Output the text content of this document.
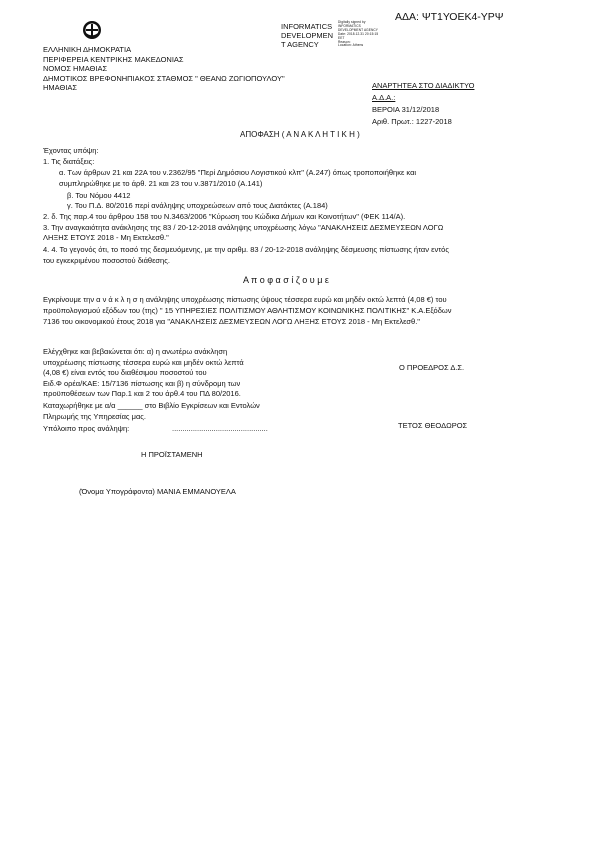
ΑΔΑ: ΨΤ1ΥΟΕΚ4-ΥΡΨ
INFORMATICS
DEVELOPMEN
T AGENCY
Digitally signed by
INFORMATICS
DEVELOPMENT AGENCY
Date: 2018.12.31 20:15:15
EET
Reason:
Location: Athens
ΕΛΛΗΝΙΚΗ ΔΗΜΟΚΡΑΤΙΑ
ΠΕΡΙΦΕΡΕΙΑ ΚΕΝΤΡΙΚΗΣ ΜΑΚΕΔΟΝΙΑΣ
ΝΟΜΟΣ ΗΜΑΘΙΑΣ
ΔΗΜΟΤΙΚΟΣ ΒΡΕΦΟΝΗΠΙΑΚΟΣ ΣΤΑΘΜΟΣ " ΘΕΑΝΩ ΖΩΓΙΟΠΟΥΛΟΥ"
ΗΜΑΘΙΑΣ	ΑΝΑΡΤΗΤΕΑ ΣΤΟ ΔΙΑΔΙΚΤΥΟ
Α.Δ.Α.:
ΒΕΡΟΙΑ 31/12/2018
Αριθ. Πρωτ.: 1227-2018
ΑΠΟΦΑΣΗ ( Α Ν Α Κ Λ Η Τ Ι Κ Η )
Έχοντας υπόψη:
1. Τις διατάξεις:
α. Των άρθρων 21 και 22Α του ν.2362/95 "Περί Δημόσιου Λογιστικού κλπ" (Α.247) όπως τροποποιήθηκε και
συμπληρώθηκε με το άρθ. 21 και 23 του ν.3871/2010 (Α.141)
β. Του Νόμου 4412
γ. Του Π.Δ. 80/2016 περί ανάληψης υποχρεώσεων από τους Διατάκτες (Α.184)
2. δ. Της παρ.4 του άρθρου 158 του Ν.3463/2006 "Κύρωση του Κώδικα Δήμων και Κοινοτήτων" (ΦΕΚ 114/Α).
3. Την αναγκαιότητα ανάκλησης της 83 / 20-12-2018 ανάληψης υποχρέωσης λόγω "ΑΝΑΚΛΗΣΕΙΣ ΔΕΣΜΕΥΣΕΩΝ ΛΟΓΩ
ΛΗΞΗΣ ΕΤΟΥΣ 2018 - Μη Εκτελεσθ."
4. 4. Το γεγονός ότι, το ποσό της δεσμευόμενης, με την αριθμ. 83 / 20-12-2018 ανάληψης δέσμευσης πίστωσης ήταν εντός
του εγκεκριμένου ποσοστού διάθεσης.
Α π ο φ α σ ί ζ ο υ μ ε
Εγκρίνουμε την α ν ά κ λ η σ η ανάληψης υποχρέωσης πίστωσης ύψους τέσσερα ευρώ και μηδέν οκτώ λεπτά (4,08 €) του
προϋπολογισμού εξόδων του (της) " 15 ΥΠΗΡΕΣΙΕΣ ΠΟΛΙΤΙΣΜΟΥ ΑΘΛΗΤΙΣΜΟΥ ΚΟΙΝΩΝΙΚΗΣ ΠΟΛΙΤΙΚΗΣ" Κ.Α.Εξόδων
7136 του οικονομικού έτους 2018 για "ΑΝΑΚΛΗΣΕΙΣ ΔΕΣΜΕΥΣΕΩΝ ΛΟΓΩ ΛΗΞΗΣ ΕΤΟΥΣ 2018 - Μη Εκτελεσθ."
Ελέγχθηκε και βεβαιώνεται ότι: α) η ανωτέρω ανάκληση
υποχρέωσης πίστωσης τέσσερα ευρώ και μηδέν οκτώ λεπτά
(4,08 €) είναι εντός του διαθέσιμου ποσοστού του
Ειδ.Φ ορέα/ΚΑΕ: 15/7136 πίστωσης και β) η σύνδρομη των
προϋποθέσεων των Παρ.1 και 2 του άρθ.4 του ΠΔ 80/2016.
Καταχωρήθηκε με α/α ______ στο Βιβλίο Εγκρίσεων και Εντολών
Πληρωμής της Υπηρεσίας μας.
Υπόλοιπο προς ανάληψη:	..............................................
Ο ΠΡΟΕΔΡΟΣ Δ.Σ.
ΤΕΤΟΣ ΘΕΟΔΩΡΟΣ
Η ΠΡΟΪΣΤΑΜΕΝΗ
(Όνομα Υπογράφοντα) ΜΑΝΙΑ ΕΜΜΑΝΟΥΕΛΑ
